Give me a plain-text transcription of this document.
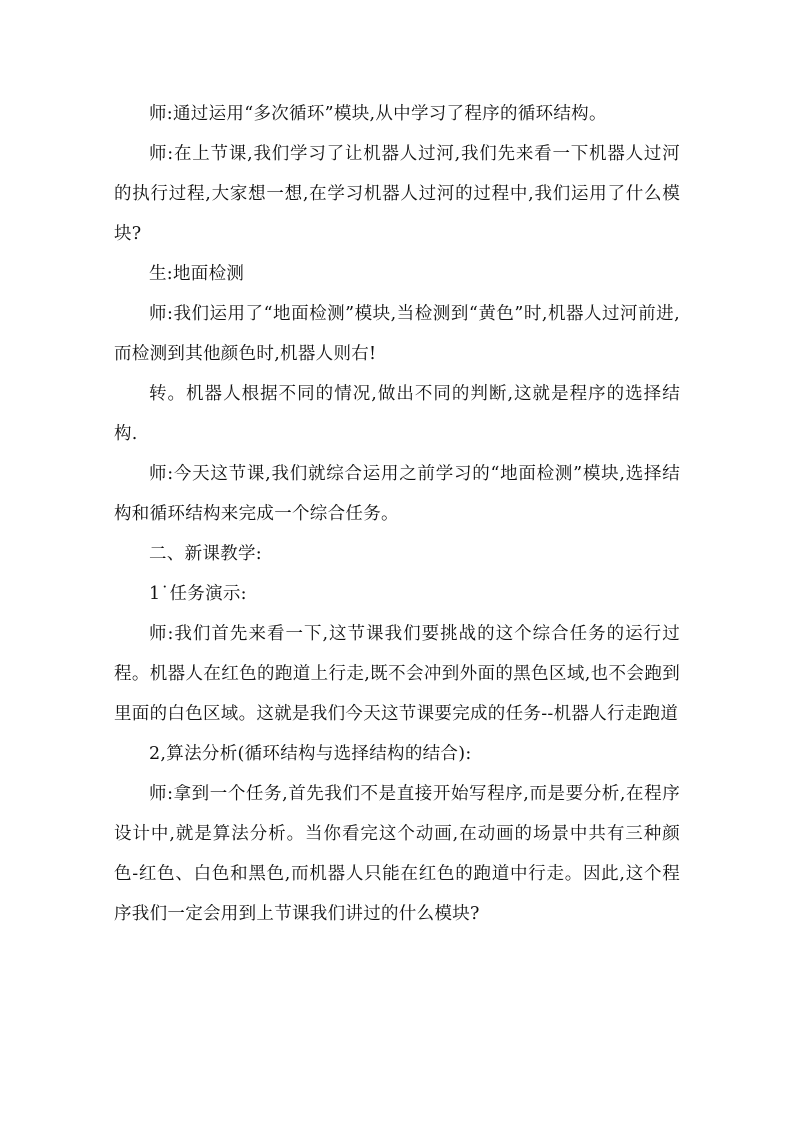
师:通过运用“多次循环”模块,从中学习了程序的循环结构。

师:在上节课,我们学习了让机器人过河,我们先来看一下机器人过河的执行过程,大家想一想,在学习机器人过河的过程中,我们运用了什么模块?

生:地面检测

师:我们运用了“地面检测”模块,当检测到“黄色”时,机器人过河前进,而检测到其他颜色时,机器人则右!

转。机器人根据不同的情况,做出不同的判断,这就是程序的选择结构.

师:今天这节课,我们就综合运用之前学习的“地面检测”模块,选择结构和循环结构来完成一个综合任务。

二、新课教学:

1˙任务演示:

师:我们首先来看一下,这节课我们要挑战的这个综合任务的运行过程。机器人在红色的跑道上行走,既不会冲到外面的黑色区域,也不会跑到里面的白色区域。这就是我们今天这节课要完成的任务--机器人行走跑道

2,算法分析(循环结构与选择结构的结合):

师:拿到一个任务,首先我们不是直接开始写程序,而是要分析,在程序设计中,就是算法分析。当你看完这个动画,在动画的场景中共有三种颜色-红色、白色和黑色,而机器人只能在红色的跑道中行走。因此,这个程序我们一定会用到上节课我们讲过的什么模块?
